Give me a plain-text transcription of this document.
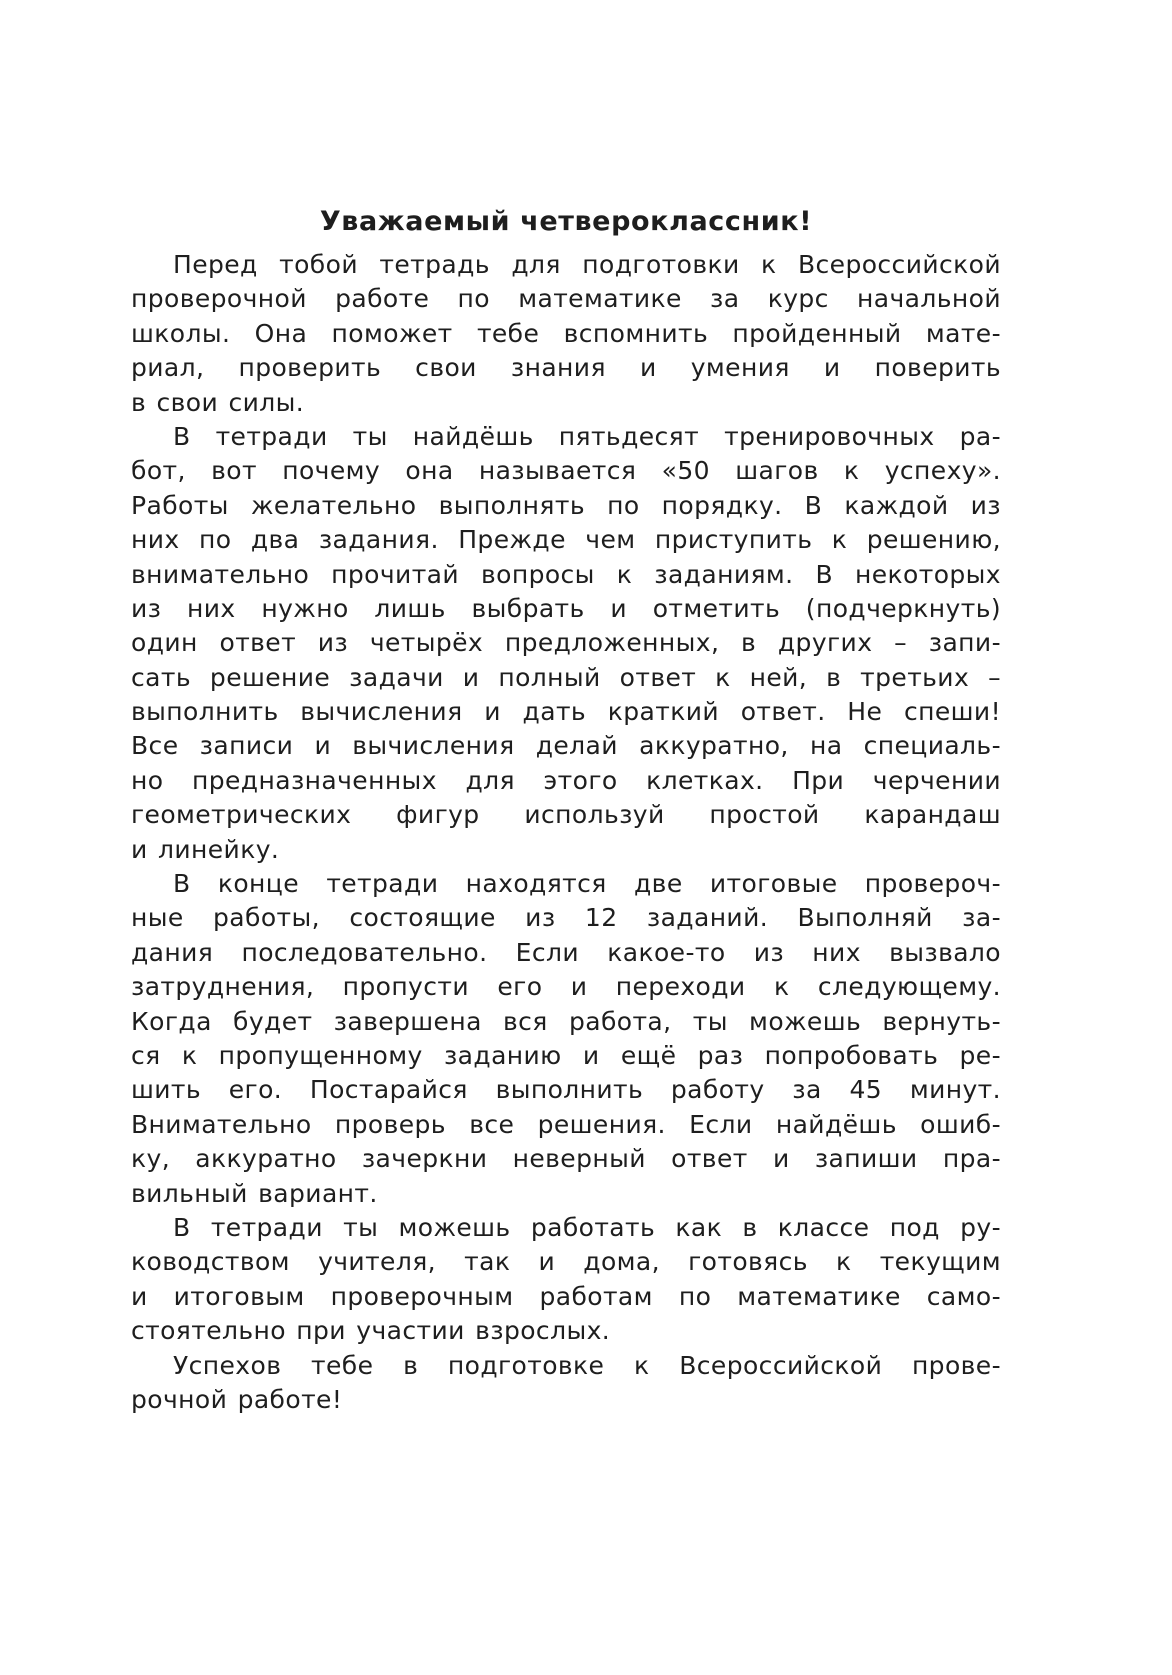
Уважаемый четвероклассник!
Перед тобой тетрадь для подготовки к Всероссийской
проверочной работе по математике за курс начальной
школы. Она поможет тебе вспомнить пройденный мате-
риал, проверить свои знания и умения и поверить
в свои силы.
В тетради ты найдёшь пятьдесят тренировочных ра-
бот, вот почему она называется «50 шагов к успеху».
Работы желательно выполнять по порядку. В каждой из
них по два задания. Прежде чем приступить к решению,
внимательно прочитай вопросы к заданиям. В некоторых
из них нужно лишь выбрать и отметить (подчеркнуть)
один ответ из четырёх предложенных, в других – запи-
сать решение задачи и полный ответ к ней, в третьих –
выполнить вычисления и дать краткий ответ. Не спеши!
Все записи и вычисления делай аккуратно, на специаль-
но предназначенных для этого клетках. При черчении
геометрических фигур используй простой карандаш
и линейку.
В конце тетради находятся две итоговые провероч-
ные работы, состоящие из 12 заданий. Выполняй за-
дания последовательно. Если какое-то из них вызвало
затруднения, пропусти его и переходи к следующему.
Когда будет завершена вся работа, ты можешь вернуть-
ся к пропущенному заданию и ещё раз попробовать ре-
шить его. Постарайся выполнить работу за 45 минут.
Внимательно проверь все решения. Если найдёшь ошиб-
ку, аккуратно зачеркни неверный ответ и запиши пра-
вильный вариант.
В тетради ты можешь работать как в классе под ру-
ководством учителя, так и дома, готовясь к текущим
и итоговым проверочным работам по математике само-
стоятельно при участии взрослых.
Успехов тебе в подготовке к Всероссийской прове-
рочной работе!
